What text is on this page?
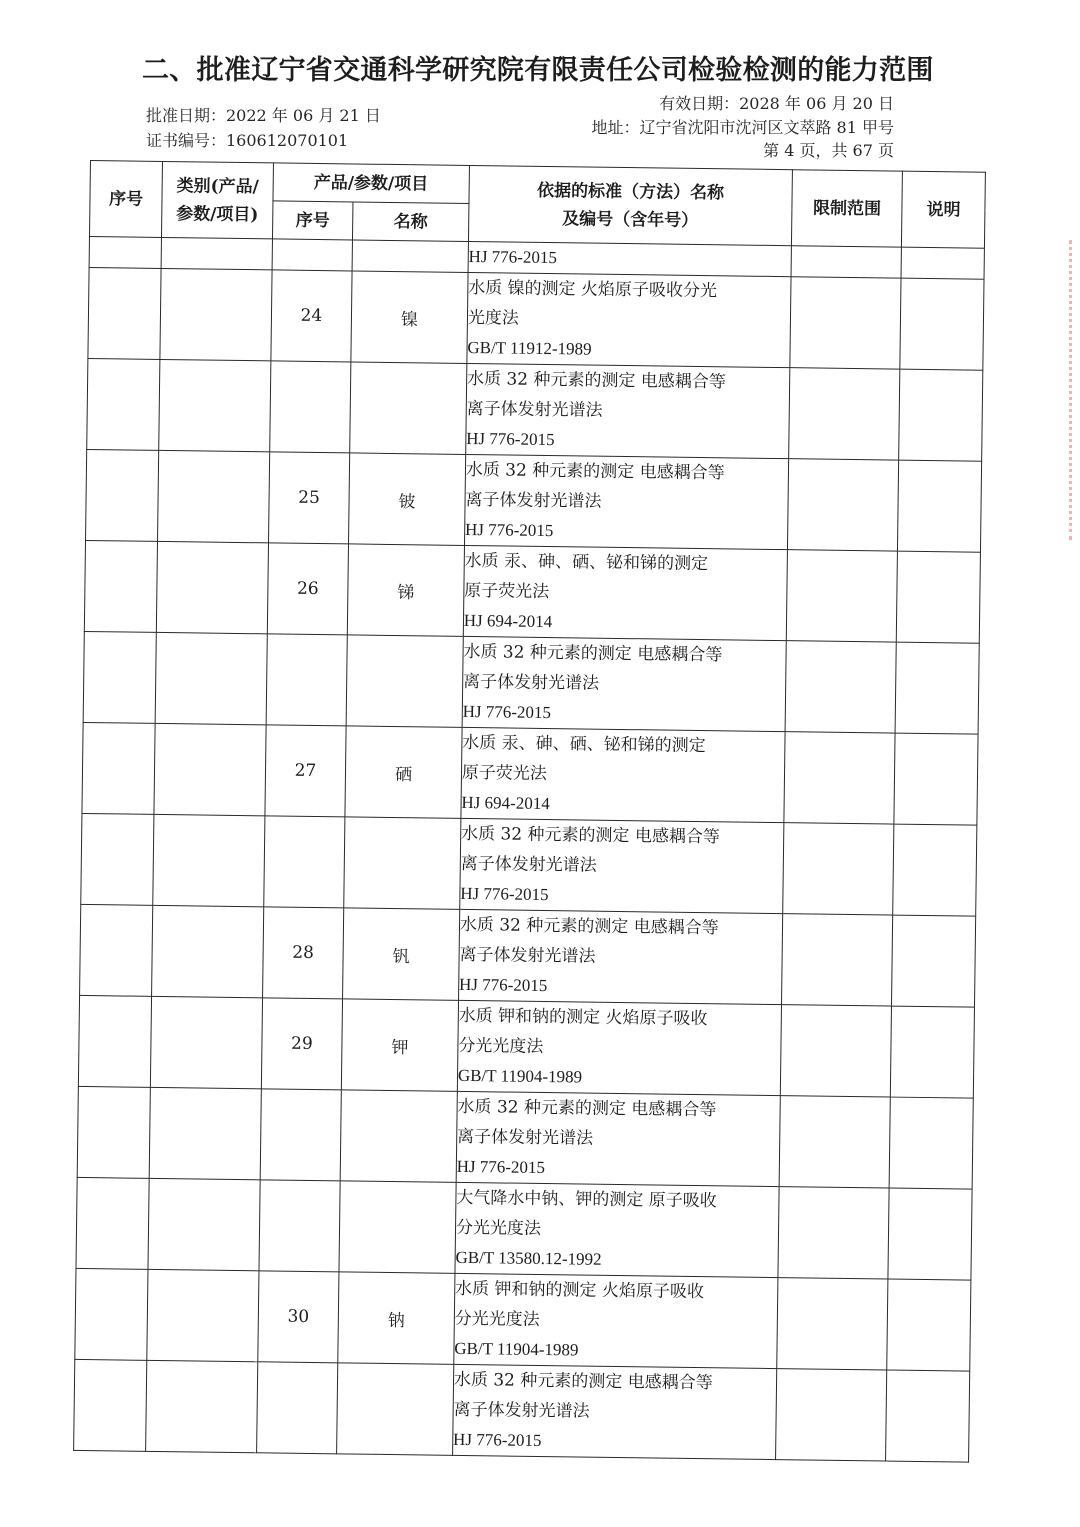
二、批准辽宁省交通科学研究院有限责任公司检验检测的能力范围
批准日期：2022 年 06 月 21 日
证书编号：160612070101
有效日期：2028 年 06 月 20 日
地址：辽宁省沈阳市沈河区文萃路 81 甲号
第 4 页，共 67 页
序号	类别(产品/
参数/项目)	产品/参数/项目		依据的标准（方法）名称
及编号（含年号）	限制范围	说明
		序号	名称			

				HJ 776-2015		

		24	镍	水质 镍的测定 火焰原子吸收分光
光度法
GB/T 11912-1989		

				水质 32 种元素的测定 电感耦合等
离子体发射光谱法
HJ 776-2015		

		25	铍	水质 32 种元素的测定 电感耦合等
离子体发射光谱法
HJ 776-2015		

		26	锑	水质 汞、砷、硒、铋和锑的测定
原子荧光法
HJ 694-2014		

				水质 32 种元素的测定 电感耦合等
离子体发射光谱法
HJ 776-2015		

		27	硒	水质 汞、砷、硒、铋和锑的测定
原子荧光法
HJ 694-2014		

				水质 32 种元素的测定 电感耦合等
离子体发射光谱法
HJ 776-2015		

		28	钒	水质 32 种元素的测定 电感耦合等
离子体发射光谱法
HJ 776-2015		

		29	钾	水质 钾和钠的测定 火焰原子吸收
分光光度法
GB/T 11904-1989		

				水质 32 种元素的测定 电感耦合等
离子体发射光谱法
HJ 776-2015		

				大气降水中钠、钾的测定 原子吸收
分光光度法
GB/T 13580.12-1992		

		30	钠	水质 钾和钠的测定 火焰原子吸收
分光光度法
GB/T 11904-1989		

				水质 32 种元素的测定 电感耦合等
离子体发射光谱法
HJ 776-2015		
